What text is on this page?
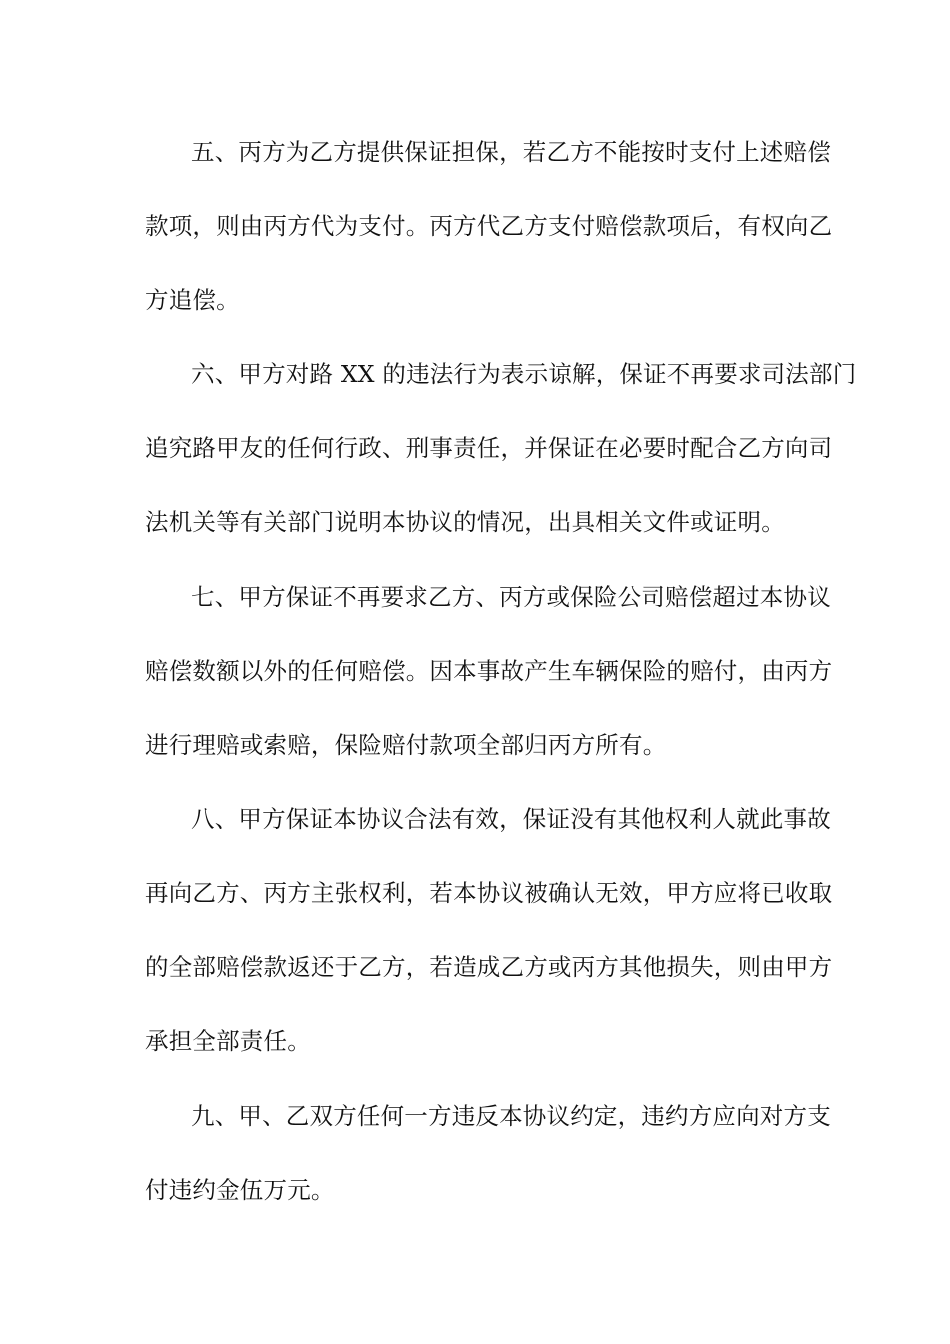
五、丙方为乙方提供保证担保，若乙方不能按时支付上述赔偿

款项，则由丙方代为支付。丙方代乙方支付赔偿款项后，有权向乙

方追偿。

六、甲方对路 XX 的违法行为表示谅解，保证不再要求司法部门

追究路甲友的任何行政、刑事责任，并保证在必要时配合乙方向司

法机关等有关部门说明本协议的情况，出具相关文件或证明。

七、甲方保证不再要求乙方、丙方或保险公司赔偿超过本协议

赔偿数额以外的任何赔偿。因本事故产生车辆保险的赔付，由丙方

进行理赔或索赔，保险赔付款项全部归丙方所有。

八、甲方保证本协议合法有效，保证没有其他权利人就此事故

再向乙方、丙方主张权利，若本协议被确认无效，甲方应将已收取

的全部赔偿款返还于乙方，若造成乙方或丙方其他损失，则由甲方

承担全部责任。

九、甲、乙双方任何一方违反本协议约定，违约方应向对方支

付违约金伍万元。
